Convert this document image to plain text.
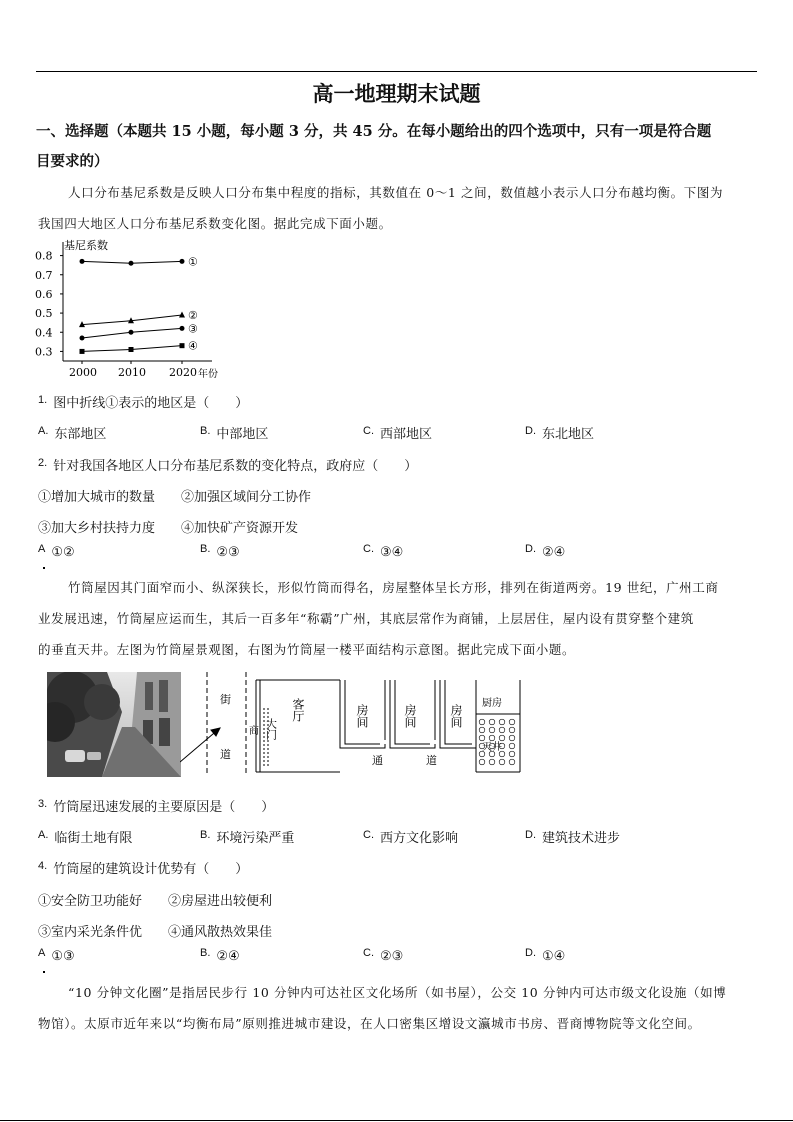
高一地理期末试题
一、选择题（本题共 15 小题，每小题 3 分，共 45 分。在每小题给出的四个选项中，只有一项是符合题
目要求的）
人口分布基尼系数是反映人口分布集中程度的指标，其数值在 0～1 之间，数值越小表示人口分布越均衡。下图为
我国四大地区人口分布基尼系数变化图。据此完成下面小题。
基尼系数
年份
0.3
0.4
0.5
0.6
0.7
0.8
2000 2010 2020
①
②
③
④
$^{1.}$ 图中折线①表示的地区是（　　）
$^{A.}$ 东部地区	$^{B.}$ 中部地区	$^{C.}$ 西部地区	$^{D.}$ 东北地区
$^{2.}$ 针对我国各地区人口分布基尼系数的变化特点，政府应（　　）
①增加大城市的数量　　②加强区域间分工协作
③加大乡村扶持力度　　④加快矿产资源开发
$^A$ ①②	$^{B.}$ ②③	$^{C.}$ ③④	$^{D.}$ ②④
竹筒屋因其门面窄而小、纵深狭长，形似竹筒而得名，房屋整体呈长方形，排列在街道两旁。19 世纪，广州工商
业发展迅速，竹筒屋应运而生，其后一百多年“称霸”广州，其底层常作为商铺，上层居住，屋内设有贯穿整个建筑
的垂直天井。左图为竹筒屋景观图，右图为竹筒屋一楼平面结构示意图。据此完成下面小题。
街
道
商 大门
客厅	房间	房间	房间
厨房
天井
通	道
$^{3.}$ 竹筒屋迅速发展的主要原因是（　　）
$^{A.}$ 临街土地有限	$^{B.}$ 环境污染严重	$^{C.}$ 西方文化影响	$^{D.}$ 建筑技术进步
$^{4.}$ 竹筒屋的建筑设计优势有（　　）
①安全防卫功能好　　②房屋进出较便利
③室内采光条件优　　④通风散热效果佳
$^A$ ①③	$^{B.}$ ②④	$^{C.}$ ②③	$^{D.}$ ①④
“10 分钟文化圈”是指居民步行 10 分钟内可达社区文化场所（如书屋），公交 10 分钟内可达市级文化设施（如博
物馆）。太原市近年来以“均衡布局”原则推进城市建设，在人口密集区增设文瀛城市书房、晋商博物院等文化空间。
